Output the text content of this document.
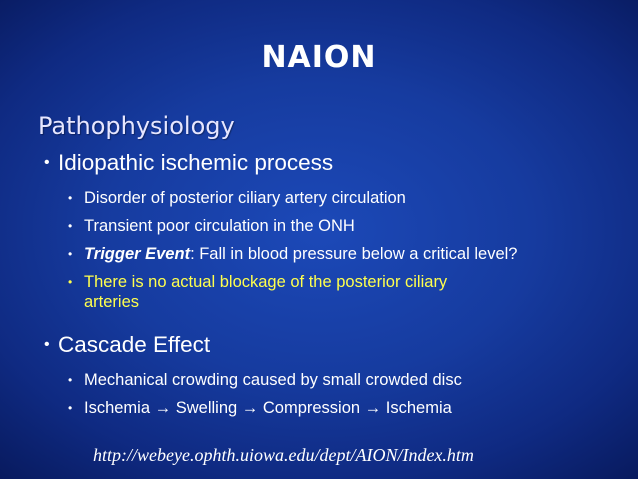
NAION
Pathophysiology
• Idiopathic ischemic process
• Disorder of posterior ciliary artery circulation
• Transient poor circulation in the ONH
• Trigger Event: Fall in blood pressure below a critical level?
• There is no actual blockage of the posterior ciliary
arteries
• Cascade Effect
• Mechanical crowding caused by small crowded disc
• Ischemia → Swelling → Compression → Ischemia
http://webeye.ophth.uiowa.edu/dept/AION/Index.htm
